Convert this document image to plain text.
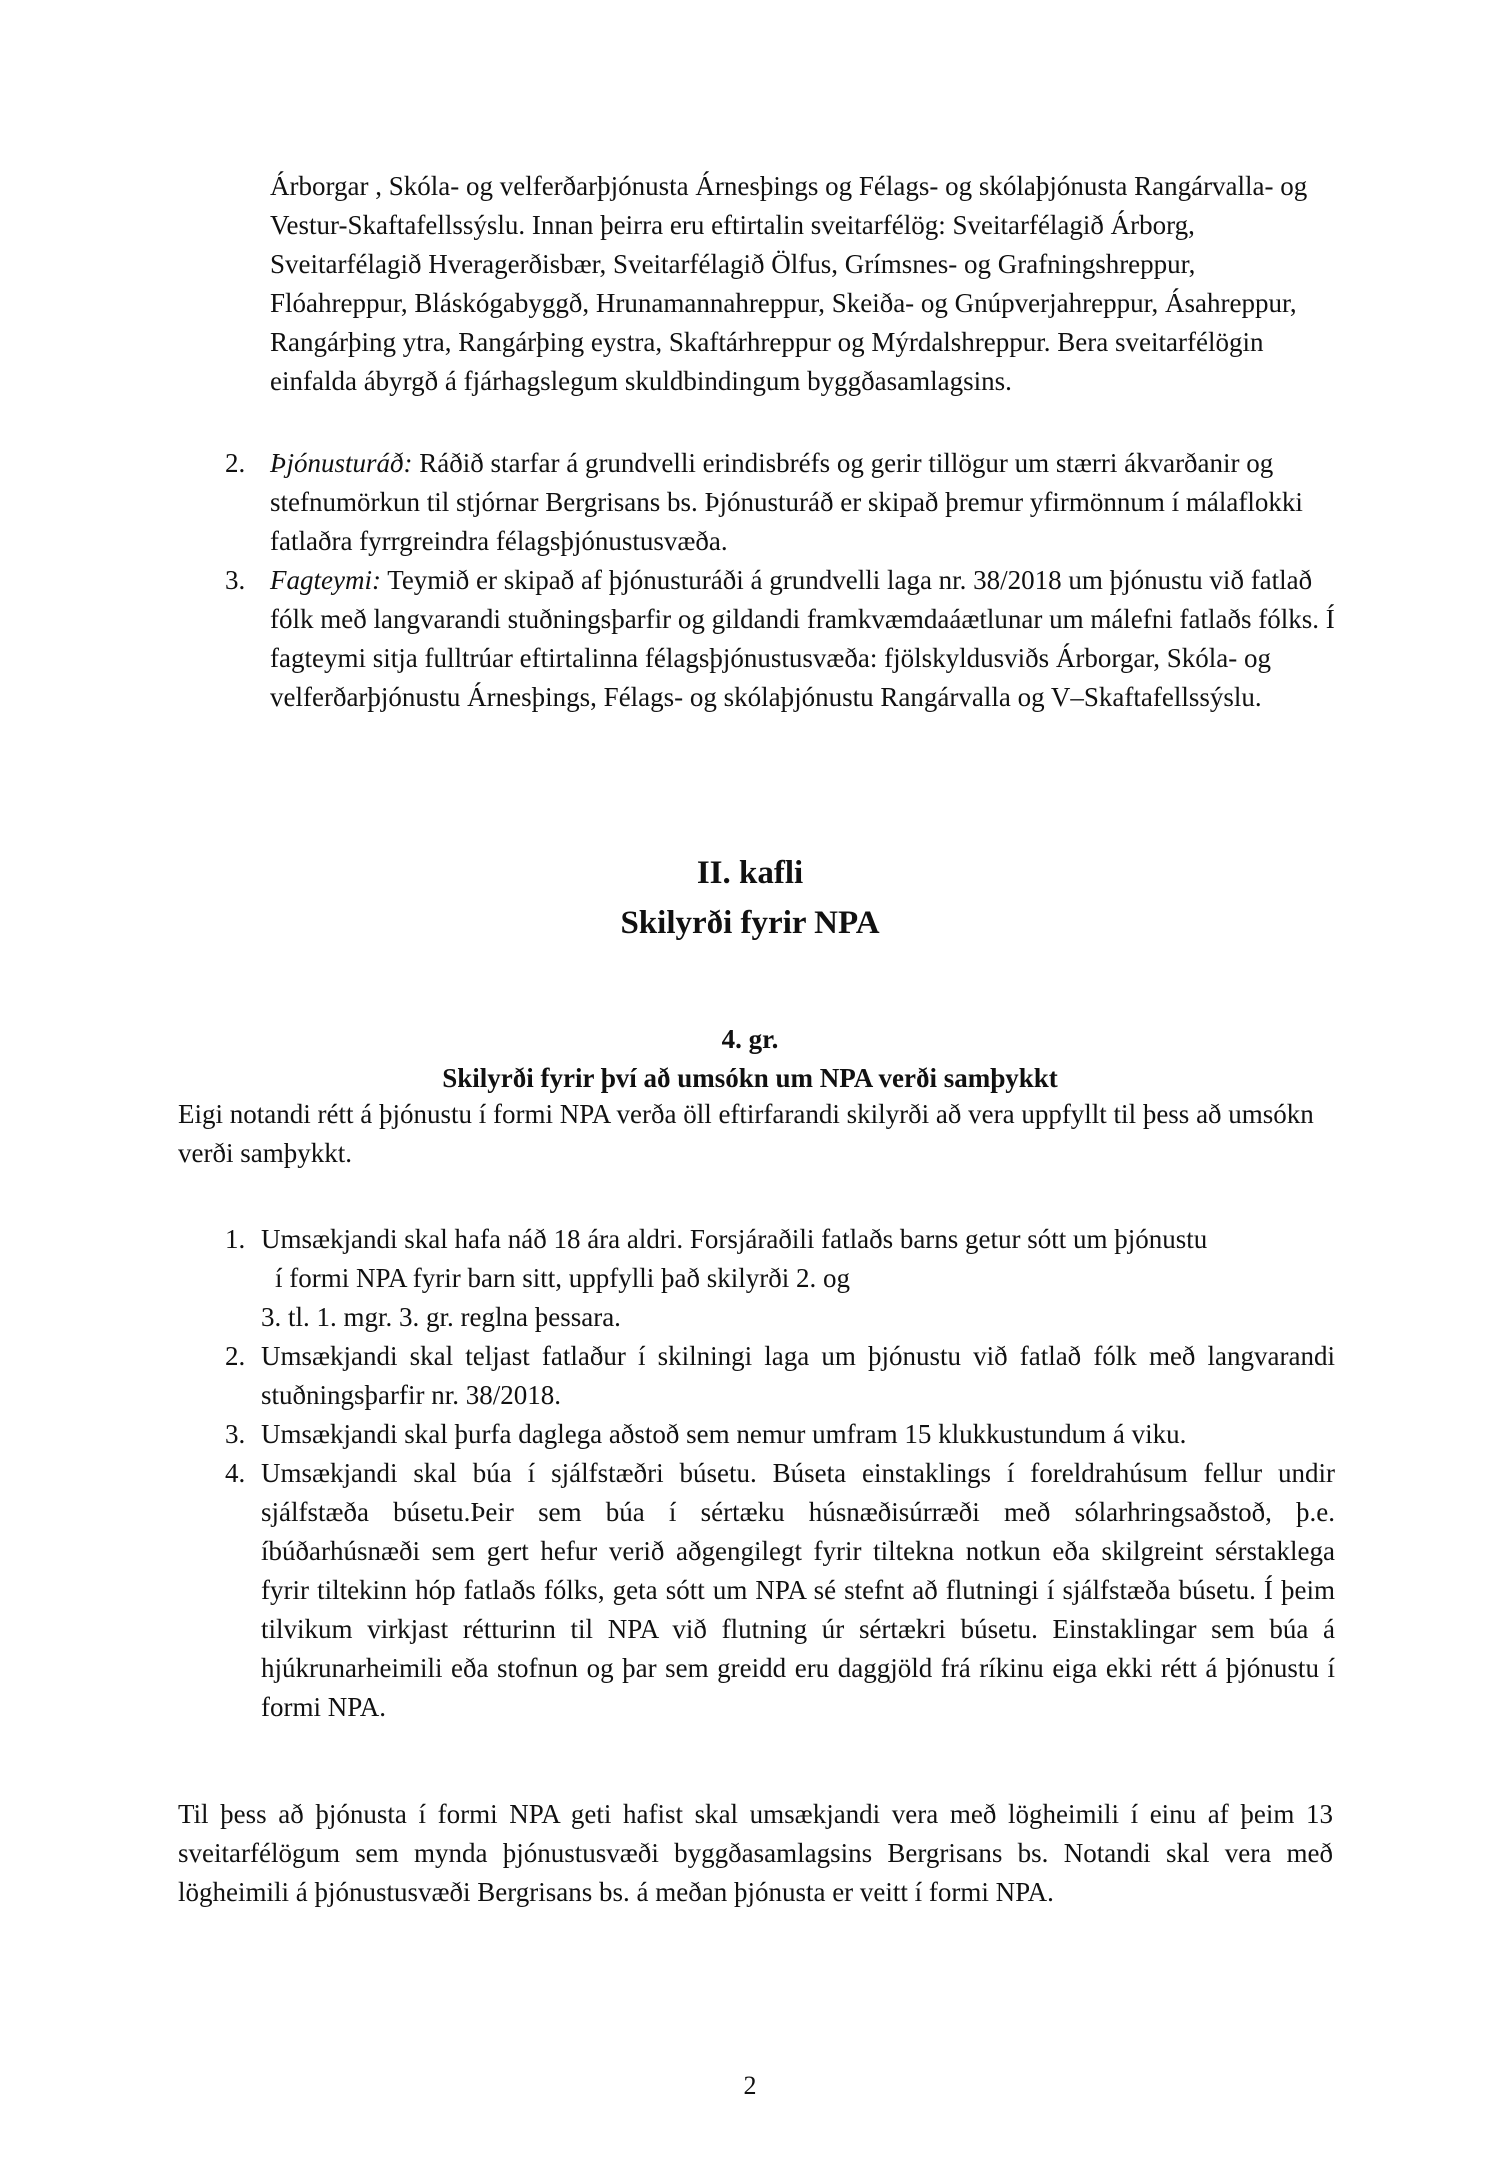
Árborgar , Skóla- og velferðarþjónusta Árnesþings og Félags- og skólaþjónusta Rangárvalla- og Vestur-Skaftafellssýslu. Innan þeirra eru eftirtalin sveitarfélög: Sveitarfélagið Árborg, Sveitarfélagið Hveragerðisbær, Sveitarfélagið Ölfus, Grímsnes- og Grafningshreppur, Flóahreppur, Bláskógabyggð, Hrunamannahreppur, Skeiða- og Gnúpverjahreppur, Ásahreppur, Rangárþing ytra, Rangárþing eystra, Skaftárhreppur og Mýrdalshreppur. Bera sveitarfélögin einfalda ábyrgð á fjárhagslegum skuldbindingum byggðasamlagsins.

2. Þjónusturáð: Ráðið starfar á grundvelli erindisbréfs og gerir tillögur um stærri ákvarðanir og stefnumörkun til stjórnar Bergrisans bs. Þjónusturáð er skipað þremur yfirmönnum í málaflokki fatlaðra fyrrgreindra félagsþjónustusvæða.
3. Fagteymi: Teymið er skipað af þjónusturáði á grundvelli laga nr. 38/2018 um þjónustu við fatlað fólk með langvarandi stuðningsþarfir og gildandi framkvæmdaáætlunar um málefni fatlaðs fólks. Í fagteymi sitja fulltrúar eftirtalinna félagsþjónustusvæða: fjölskyldusviðs Árborgar, Skóla- og velferðarþjónustu Árnesþings, Félags- og skólaþjónustu Rangárvalla og V–Skaftafellssýslu.
II. kafli
Skilyrði fyrir NPA
4. gr.
Skilyrði fyrir því að umsókn um NPA verði samþykkt

Eigi notandi rétt á þjónustu í formi NPA verða öll eftirfarandi skilyrði að vera uppfyllt til þess að umsókn verði samþykkt.

1. Umsækjandi skal hafa náð 18 ára aldri. Forsjáraðili fatlaðs barns getur sótt um þjónustu

í formi NPA fyrir barn sitt, uppfylli það skilyrði 2. og

3. tl. 1. mgr. 3. gr. reglna þessara.

2. Umsækjandi skal teljast fatlaður í skilningi laga um þjónustu við fatlað fólk með langvarandi stuðningsþarfir nr. 38/2018.

3. Umsækjandi skal þurfa daglega aðstoð sem nemur umfram 15 klukkustundum á viku.

4. Umsækjandi skal búa í sjálfstæðri búsetu. Búseta einstaklings í foreldrahúsum fellur undir sjálfstæða búsetu.Þeir sem búa í sértæku húsnæðisúrræði með sólarhringsaðstoð, þ.e. íbúðarhúsnæði sem gert hefur verið aðgengilegt fyrir tiltekna notkun eða skilgreint sérstaklega fyrir tiltekinn hóp fatlaðs fólks, geta sótt um NPA sé stefnt að flutningi í sjálfstæða búsetu. Í þeim tilvikum virkjast rétturinn til NPA við flutning úr sértækri búsetu. Einstaklingar sem búa á hjúkrunarheimili eða stofnun og þar sem greidd eru daggjöld frá ríkinu eiga ekki rétt á þjónustu í formi NPA.

Til þess að þjónusta í formi NPA geti hafist skal umsækjandi vera með lögheimili í einu af þeim 13 sveitarfélögum sem mynda þjónustusvæði byggðasamlagsins Bergrisans bs. Notandi skal vera með lögheimili á þjónustusvæði Bergrisans bs. á meðan þjónusta er veitt í formi NPA.

2
